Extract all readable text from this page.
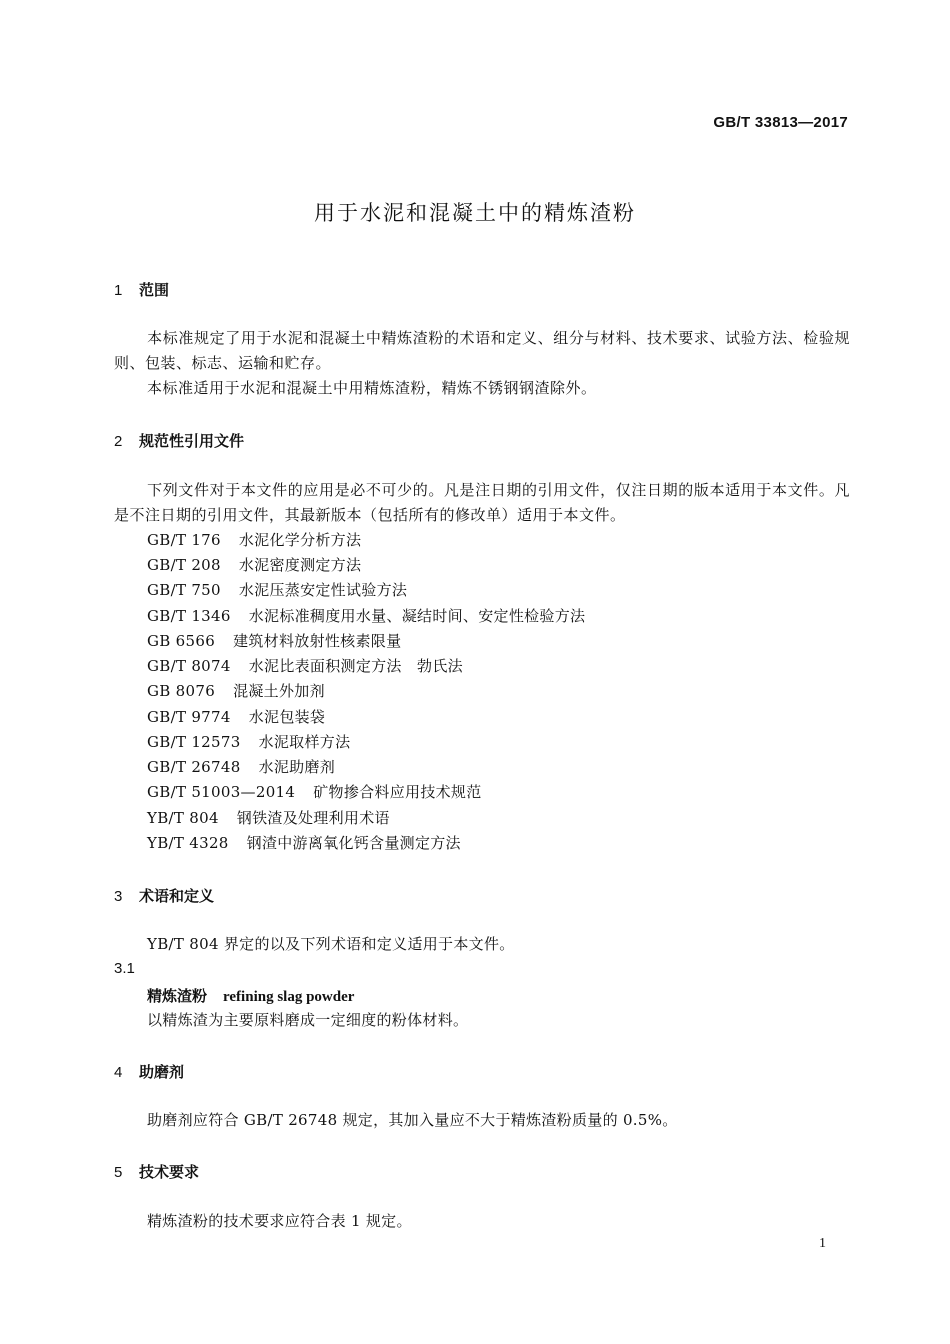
GB/T 33813—2017
用于水泥和混凝土中的精炼渣粉
1 范围
本标准规定了用于水泥和混凝土中精炼渣粉的术语和定义、组分与材料、技术要求、试验方法、检验规则、包装、标志、运输和贮存。
本标准适用于水泥和混凝土中用精炼渣粉，精炼不锈钢钢渣除外。
2 规范性引用文件
下列文件对于本文件的应用是必不可少的。凡是注日期的引用文件，仅注日期的版本适用于本文件。凡是不注日期的引用文件，其最新版本（包括所有的修改单）适用于本文件。
GB/T 176 水泥化学分析方法
GB/T 208 水泥密度测定方法
GB/T 750 水泥压蒸安定性试验方法
GB/T 1346 水泥标准稠度用水量、凝结时间、安定性检验方法
GB 6566 建筑材料放射性核素限量
GB/T 8074 水泥比表面积测定方法　勃氏法
GB 8076 混凝土外加剂
GB/T 9774 水泥包装袋
GB/T 12573 水泥取样方法
GB/T 26748 水泥助磨剂
GB/T 51003—2014 矿物掺合料应用技术规范
YB/T 804 钢铁渣及处理利用术语
YB/T 4328 钢渣中游离氧化钙含量测定方法
3 术语和定义
YB/T 804 界定的以及下列术语和定义适用于本文件。
3.1
精炼渣粉 refining slag powder
以精炼渣为主要原料磨成一定细度的粉体材料。
4 助磨剂
助磨剂应符合 GB/T 26748 规定，其加入量应不大于精炼渣粉质量的 0.5%。
5 技术要求
精炼渣粉的技术要求应符合表 1 规定。
1
